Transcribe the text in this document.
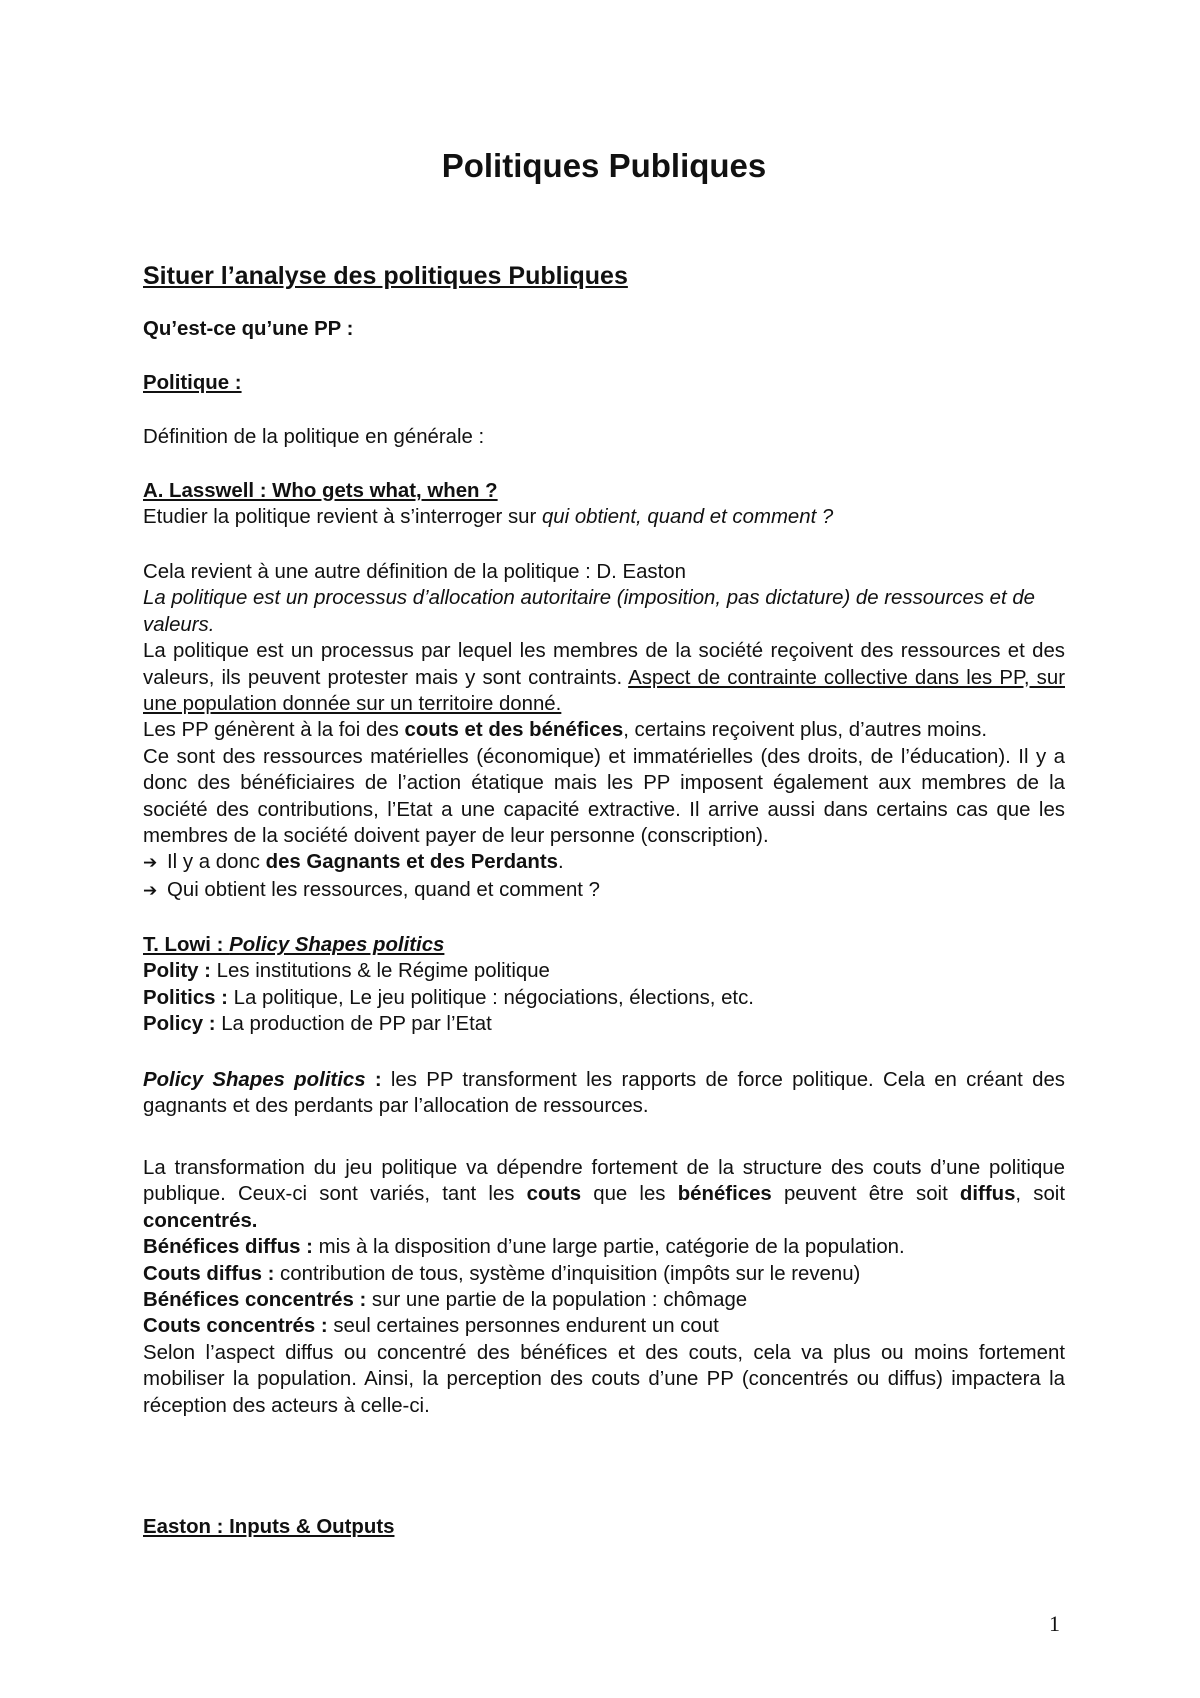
Politiques Publiques
Situer l’analyse des politiques Publiques

Qu’est-ce qu’une PP :

Politique :

Définition de la politique en générale :

A. Lasswell : Who gets what, when ?
Etudier la politique revient à s’interroger sur qui obtient, quand et comment ?
Cela revient à une autre définition de la politique : D. Easton
La politique est un processus d’allocation autoritaire (imposition, pas dictature) de ressources et de valeurs.
La politique est un processus par lequel les membres de la société reçoivent des ressources et des valeurs, ils peuvent protester mais y sont contraints. Aspect de contrainte collective dans les PP, sur une population donnée sur un territoire donné.
Les PP génèrent à la foi des couts et des bénéfices, certains reçoivent plus, d’autres moins.
Ce sont des ressources matérielles (économique) et immatérielles (des droits, de l’éducation). Il y a donc des bénéficiaires de l’action étatique mais les PP imposent également aux membres de la société des contributions, l’Etat a une capacité extractive. Il arrive aussi dans certains cas que les membres de la société doivent payer de leur personne (conscription).
➔ Il y a donc des Gagnants et des Perdants.
➔ Qui obtient les ressources, quand et comment ?
T. Lowi : Policy Shapes politics
Polity : Les institutions & le Régime politique
Politics : La politique, Le jeu politique : négociations, élections, etc.
Policy : La production de PP par l’Etat
Policy Shapes politics : les PP transforment les rapports de force politique. Cela en créant des gagnants et des perdants par l’allocation de ressources.
La transformation du jeu politique va dépendre fortement de la structure des couts d’une politique publique. Ceux-ci sont variés, tant les couts que les bénéfices peuvent être soit diffus, soit concentrés.
Bénéfices diffus : mis à la disposition d’une large partie, catégorie de la population.
Couts diffus : contribution de tous, système d’inquisition (impôts sur le revenu)
Bénéfices concentrés : sur une partie de la population : chômage
Couts concentrés : seul certaines personnes endurent un cout
Selon l’aspect diffus ou concentré des bénéfices et des couts, cela va plus ou moins fortement mobiliser la population. Ainsi, la perception des couts d’une PP (concentrés ou diffus) impactera la réception des acteurs à celle-ci.

Easton : Inputs & Outputs

1
